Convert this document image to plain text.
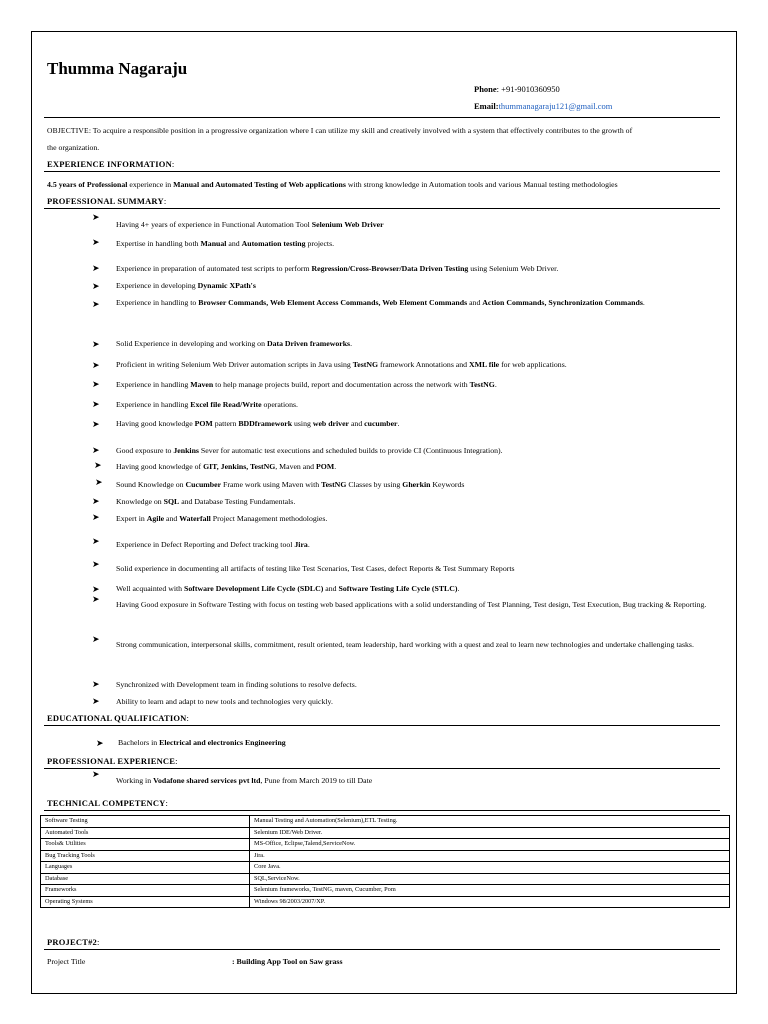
Thumma Nagaraju
Phone: +91-9010360950
Email:thummanagaraju121@gmail.com
OBJECTIVE: To acquire a responsible position in a progressive organization where I can utilize my skill and creatively involved with a system that effectively contributes to the growth of
the organization.
EXPERIENCE INFORMATION:
4.5 years of Professional experience in Manual and Automated Testing of Web applications with strong knowledge in Automation tools and various Manual testing methodologies
PROFESSIONAL SUMMARY:
➤
Having 4+ years of experience in Functional Automation Tool Selenium Web Driver
➤ Expertise in handling both Manual and Automation testing projects.
➤ Experience in preparation of automated test scripts to perform Regression/Cross-Browser/Data Driven Testing using Selenium Web Driver.
➤ Experience in developing Dynamic XPath's
➤ Experience in handling to Browser Commands, Web Element Access Commands, Web Element Commands and Action Commands, Synchronization Commands.
➤ Solid Experience in developing and working on Data Driven frameworks.
➤ Proficient in writing Selenium Web Driver automation scripts in Java using TestNG framework Annotations and XML file for web applications.
➤ Experience in handling Maven to help manage projects build, report and documentation across the network with TestNG.
➤ Experience in handling Excel file Read/Write operations.
➤ Having good knowledge POM pattern BDDframework using web driver and cucumber.
➤ Good exposure to Jenkins Sever for automatic test executions and scheduled builds to provide CI (Continuous Integration).
➤ Having good knowledge of GIT, Jenkins, TestNG, Maven and POM.
➤ Sound Knowledge on Cucumber Frame work using Maven with TestNG Classes by using Gherkin Keywords
➤ Knowledge on SQL and Database Testing Fundamentals.
➤ Expert in Agile and Waterfall Project Management methodologies.
➤ Experience in Defect Reporting and Defect tracking tool Jira.
➤ Solid experience in documenting all artifacts of testing like Test Scenarios, Test Cases, defect Reports & Test Summary Reports
➤ Well acquainted with Software Development Life Cycle (SDLC) and Software Testing Life Cycle (STLC).
➤
Having Good exposure in Software Testing with focus on testing web based applications with a solid understanding of Test Planning, Test design, Test Execution, Bug tracking & Reporting.
➤
Strong communication, interpersonal skills, commitment, result oriented, team leadership, hard working with a quest and zeal to learn new technologies and undertake challenging tasks.
➤ Synchronized with Development team in finding solutions to resolve defects.
➤ Ability to learn and adapt to new tools and technologies very quickly.
EDUCATIONAL QUALIFICATION:
➤ Bachelors in Electrical and electronics Engineering
PROFESSIONAL EXPERIENCE:
➤
Working in Vodafone shared services pvt ltd, Pune from March 2019 to till Date
TECHNICAL COMPETENCY:
Software Testing	Manual Testing and Automation(Selenium),ETL Testing.
Automated Tools	Selenium IDE/Web Driver.
Tools& Utilities	MS-Office, Eclipse,Talend,ServiceNow.
Bug Tracking Tools	Jira.
Languages	Core Java.
Database	SQL,ServiceNow.
Frameworks	Selenium frameworks, TestNG, maven, Cucumber, Pom
Operating Systems	Windows 98/2003/2007/XP.
PROJECT#2:
Project Title	: Building App Tool on Saw grass
